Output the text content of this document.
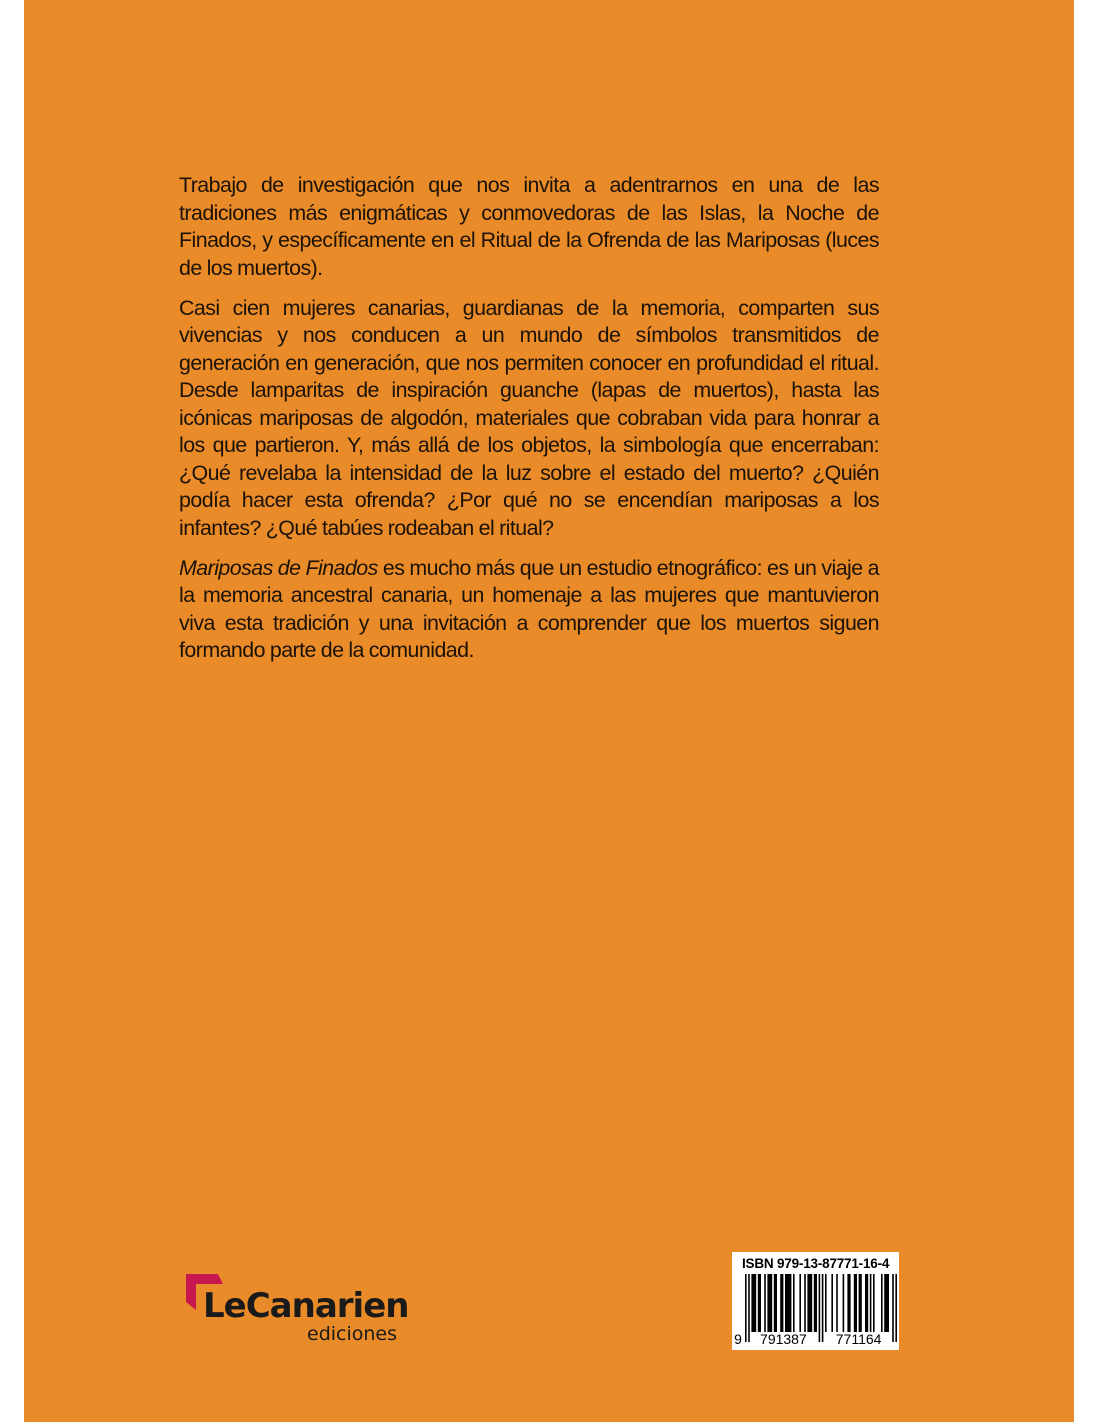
Trabajo de investigación que nos invita a adentrarnos en una de las tradiciones más enigmáticas y conmovedoras de las Islas, la Noche de Finados, y específicamente en el Ritual de la Ofrenda de las Mariposas (luces de los muertos).

Casi cien mujeres canarias, guardianas de la memoria, comparten sus vivencias y nos conducen a un mundo de símbolos transmitidos de generación en generación, que nos permiten conocer en profundidad el ritual. Desde lamparitas de inspiración guanche (lapas de muertos), hasta las icónicas mariposas de algodón, materiales que cobraban vida para honrar a los que partieron. Y, más allá de los objetos, la simbología que encerraban: ¿Qué revelaba la intensidad de la luz sobre el estado del muerto? ¿Quién podía hacer esta ofrenda? ¿Por qué no se encendían mariposas a los infantes? ¿Qué tabúes rodeaban el ritual?

Mariposas de Finados es mucho más que un estudio etnográfico: es un viaje a la memoria ancestral canaria, un homenaje a las mujeres que mantuvieron viva esta tradición y una invitación a comprender que los muertos siguen formando parte de la comunidad.

LeCanarien
ediciones
ISBN 979-13-87771-16-4
9 791387 771164
